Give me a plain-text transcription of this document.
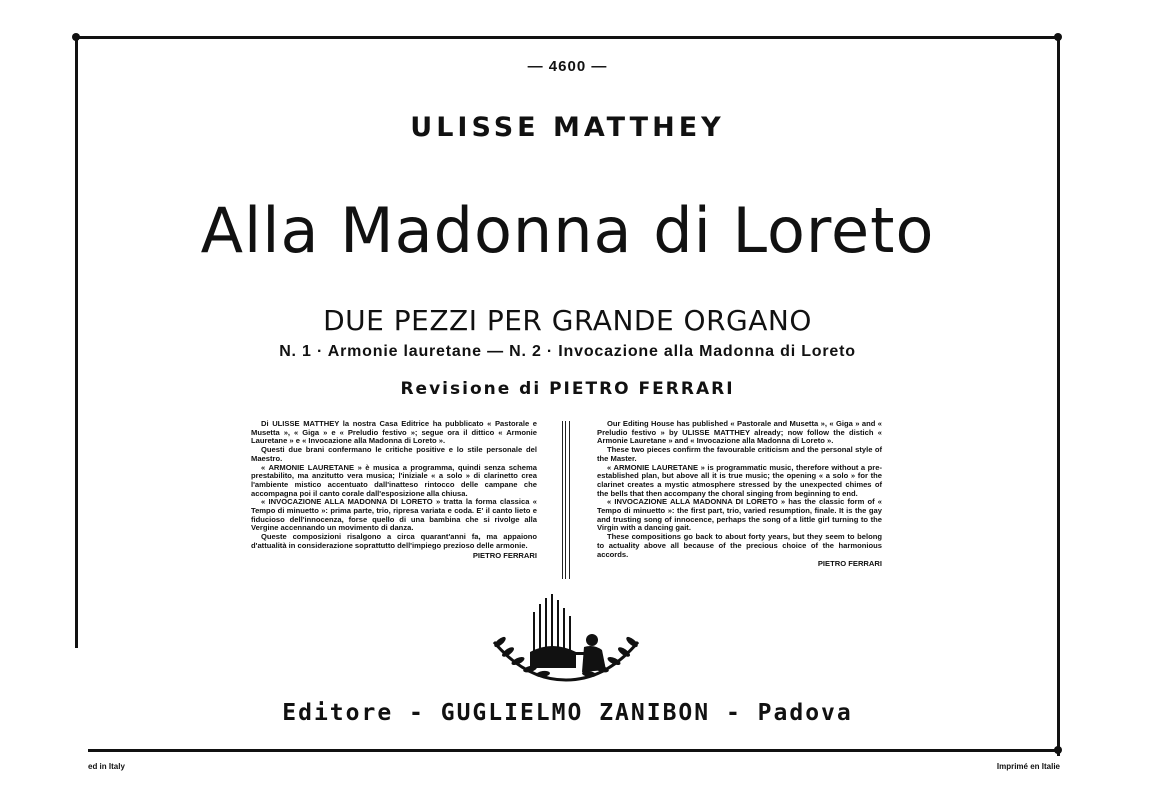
— 4600 —
ULISSE MATTHEY
Alla Madonna di Loreto
DUE PEZZI PER GRANDE ORGANO
N. 1 · Armonie lauretane — N. 2 · Invocazione alla Madonna di Loreto
Revisione di PIETRO FERRARI

Di ULISSE MATTHEY la nostra Casa Editrice ha pubblicato « Pastorale e Musetta », « Giga » e « Preludio festivo »; segue ora il dittico « Armonie Lauretane » e « Invocazione alla Madonna di Loreto ».

Questi due brani confermano le critiche positive e lo stile personale del Maestro.

« ARMONIE LAURETANE » è musica a programma, quindi senza schema prestabilito, ma anzitutto vera musica; l'iniziale « a solo » di clarinetto crea l'ambiente mistico accentuato dall'inatteso rintocco delle campane che accompagna poi il canto corale dall'esposizione alla chiusa.

« INVOCAZIONE ALLA MADONNA DI LORETO » tratta la forma classica « Tempo di minuetto »: prima parte, trio, ripresa variata e coda. E' il canto lieto e fiducioso dell'innocenza, forse quello di una bambina che si rivolge alla Vergine accennando un movimento di danza.

Queste composizioni risalgono a circa quarant'anni fa, ma appaiono d'attualità in considerazione soprattutto dell'impiego prezioso delle armonie.

PIETRO FERRARI

Our Editing House has published « Pastorale and Musetta », « Giga » and « Preludio festivo » by ULISSE MATTHEY already; now follow the distich « Armonie Lauretane » and « Invocazione alla Madonna di Loreto ».

These two pieces confirm the favourable criticism and the personal style of the Master.

« ARMONIE LAURETANE » is programmatic music, therefore without a pre-established plan, but above all it is true music; the opening « a solo » for the clarinet creates a mystic atmosphere stressed by the unexpected chimes of the bells that then accompany the choral singing from beginning to end.

« INVOCAZIONE ALLA MADONNA DI LORETO » has the classic form of « Tempo di minuetto »: the first part, trio, varied resumption, finale. It is the gay and trusting song of innocence, perhaps the song of a little girl turning to the Virgin with a dancing gait.

These compositions go back to about forty years, but they seem to belong to actuality above all because of the precious choice of the harmonious accords.

PIETRO FERRARI

Editore - GUGLIELMO ZANIBON - Padova
ed in Italy	Imprimé en Italie
